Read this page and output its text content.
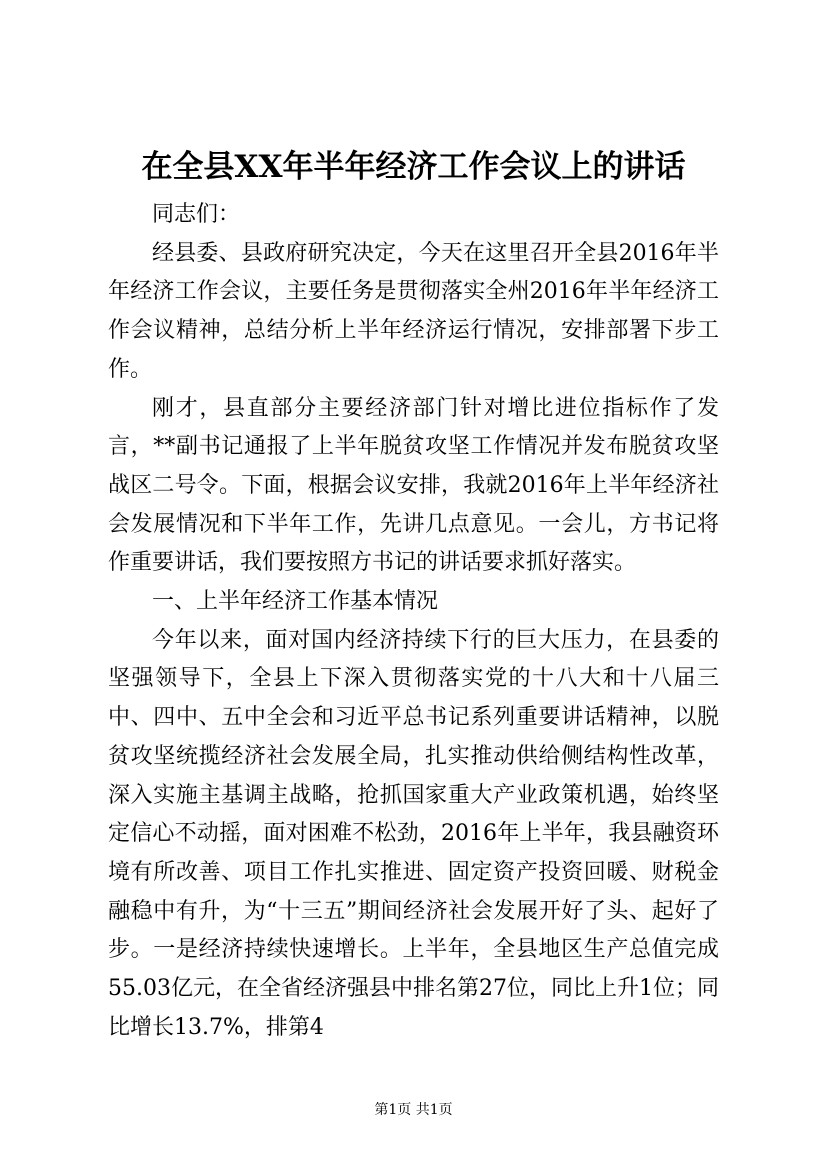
在全县XX年半年经济工作会议上的讲话

同志们：

经县委、县政府研究决定，今天在这里召开全县2016年半年经济工作会议，主要任务是贯彻落实全州2016年半年经济工作会议精神，总结分析上半年经济运行情况，安排部署下步工作。

刚才，县直部分主要经济部门针对增比进位指标作了发言，**副书记通报了上半年脱贫攻坚工作情况并发布脱贫攻坚战区二号令。下面，根据会议安排，我就2016年上半年经济社会发展情况和下半年工作，先讲几点意见。一会儿，方书记将作重要讲话，我们要按照方书记的讲话要求抓好落实。

一、上半年经济工作基本情况

今年以来，面对国内经济持续下行的巨大压力，在县委的坚强领导下，全县上下深入贯彻落实党的十八大和十八届三中、四中、五中全会和习近平总书记系列重要讲话精神，以脱贫攻坚统揽经济社会发展全局，扎实推动供给侧结构性改革，深入实施主基调主战略，抢抓国家重大产业政策机遇，始终坚定信心不动摇，面对困难不松劲，2016年上半年，我县融资环境有所改善、项目工作扎实推进、固定资产投资回暖、财税金融稳中有升，为“十三五”期间经济社会发展开好了头、起好了步。一是经济持续快速增长。上半年，全县地区生产总值完成55.03亿元，在全省经济强县中排名第27位，同比上升1位；同比增长13.7%，排第4

第1页 共1页
